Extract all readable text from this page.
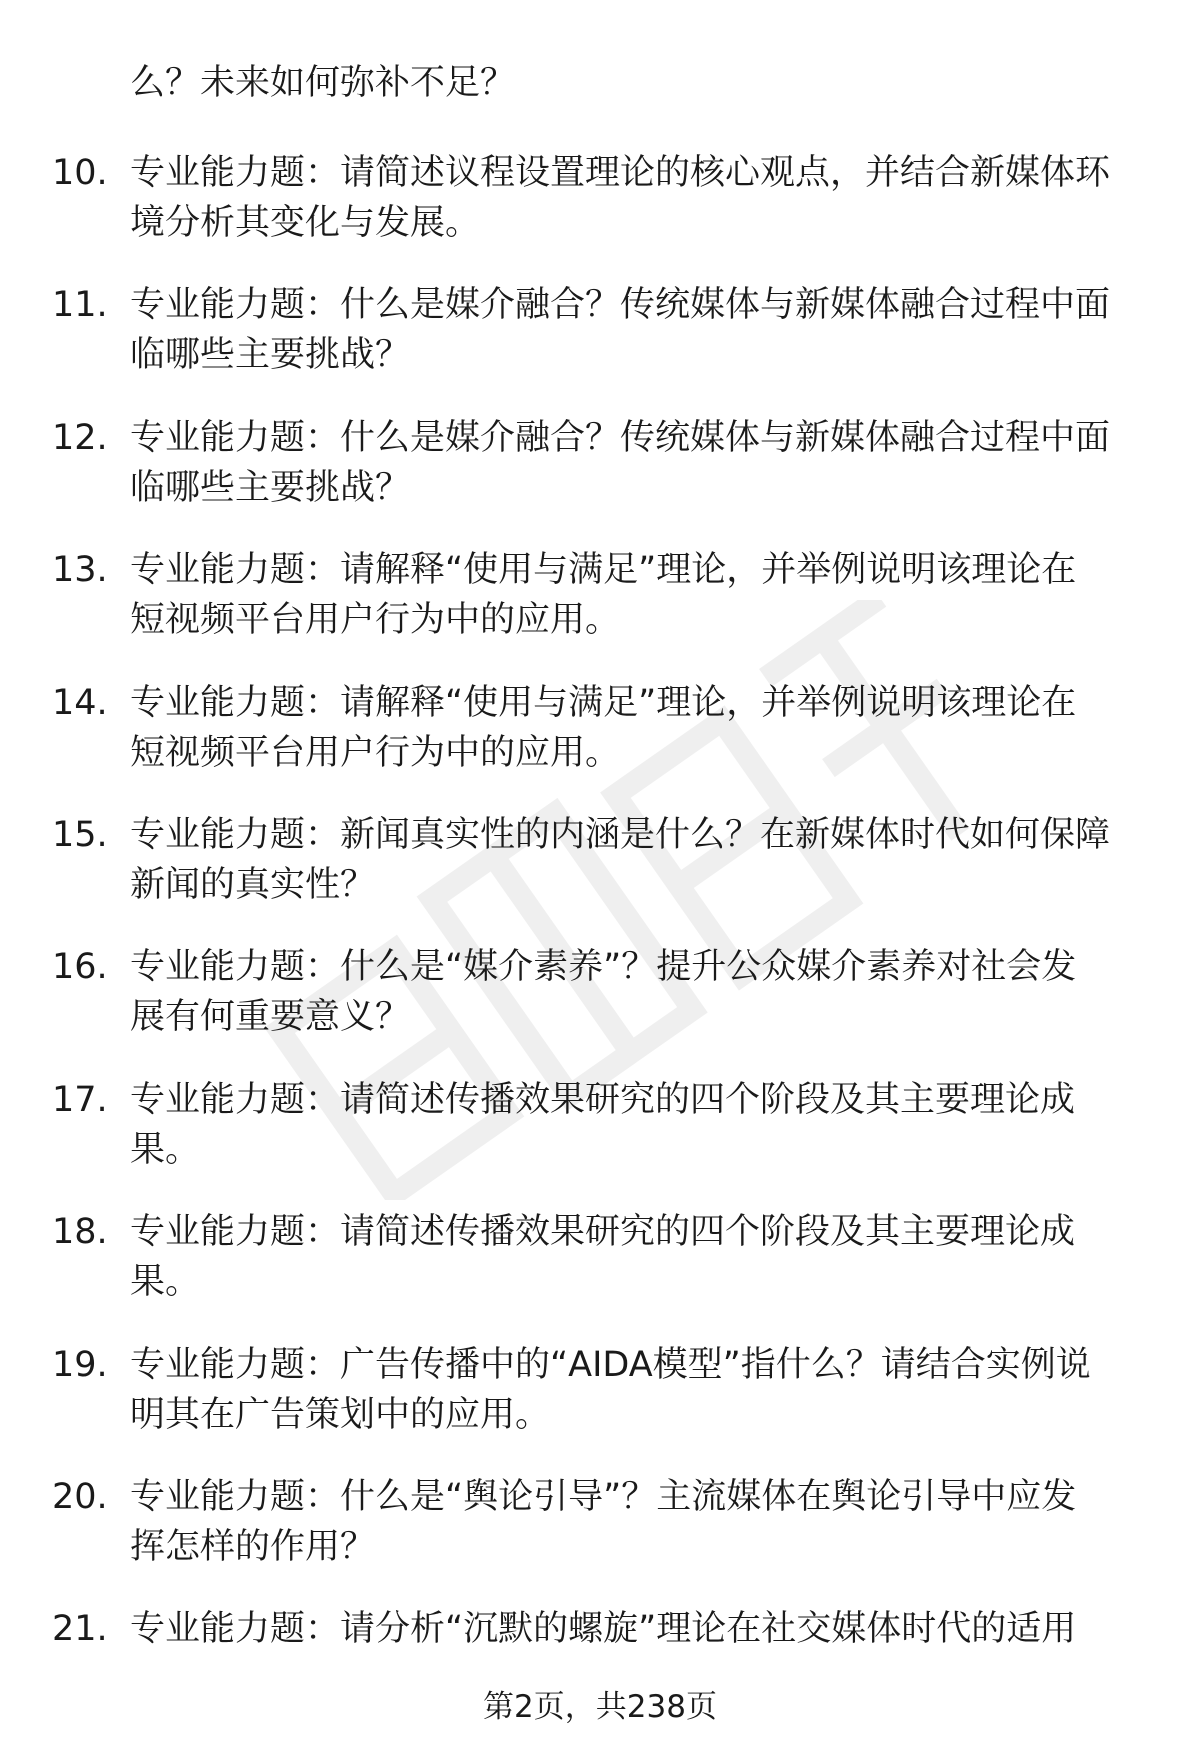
么？未来如何弥补不足？
10. 专业能力题：请简述议程设置理论的核心观点，并结合新媒体环
境分析其变化与发展。
11. 专业能力题：什么是媒介融合？传统媒体与新媒体融合过程中面
临哪些主要挑战？
12. 专业能力题：什么是媒介融合？传统媒体与新媒体融合过程中面
临哪些主要挑战？
13. 专业能力题：请解释“使用与满足”理论，并举例说明该理论在
短视频平台用户行为中的应用。
14. 专业能力题：请解释“使用与满足”理论，并举例说明该理论在
短视频平台用户行为中的应用。
15. 专业能力题：新闻真实性的内涵是什么？在新媒体时代如何保障
新闻的真实性？
16. 专业能力题：什么是“媒介素养”？提升公众媒介素养对社会发
展有何重要意义？
17. 专业能力题：请简述传播效果研究的四个阶段及其主要理论成
果。
18. 专业能力题：请简述传播效果研究的四个阶段及其主要理论成
果。
19. 专业能力题：广告传播中的“AIDA模型”指什么？请结合实例说
明其在广告策划中的应用。
20. 专业能力题：什么是“舆论引导”？主流媒体在舆论引导中应发
挥怎样的作用？
21. 专业能力题：请分析“沉默的螺旋”理论在社交媒体时代的适用
第2页，共238页
